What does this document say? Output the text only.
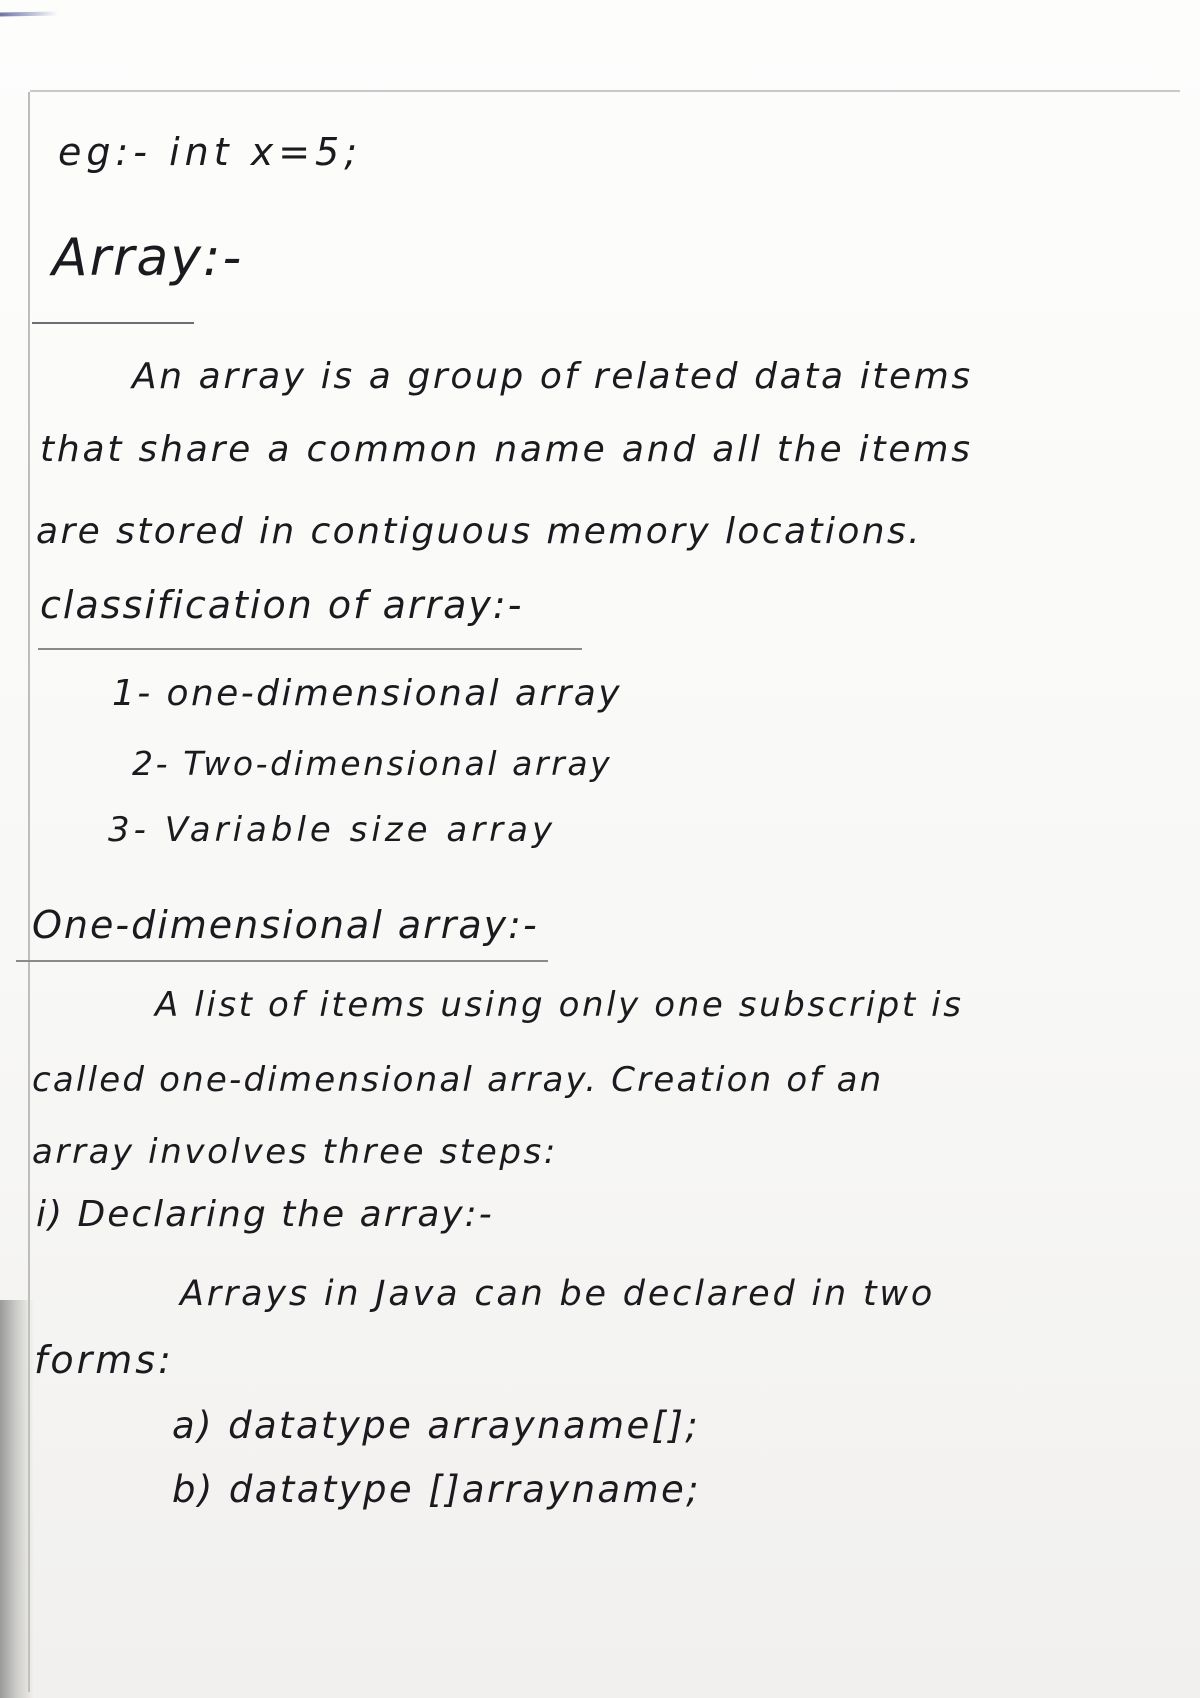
eg:- int x=5;

Array:-

An array is a group of related data items

that share a common name and all the items

are stored in contiguous memory locations.

classification of array:-

1- one-dimensional array

2- Two-dimensional array

3- Variable size array

One-dimensional array:-

A list of items using only one subscript is

called one-dimensional array. Creation of an

array involves three steps:

i) Declaring the array:-

Arrays in Java can be declared in two

forms:

a) datatype arrayname[];

b) datatype []arrayname;
